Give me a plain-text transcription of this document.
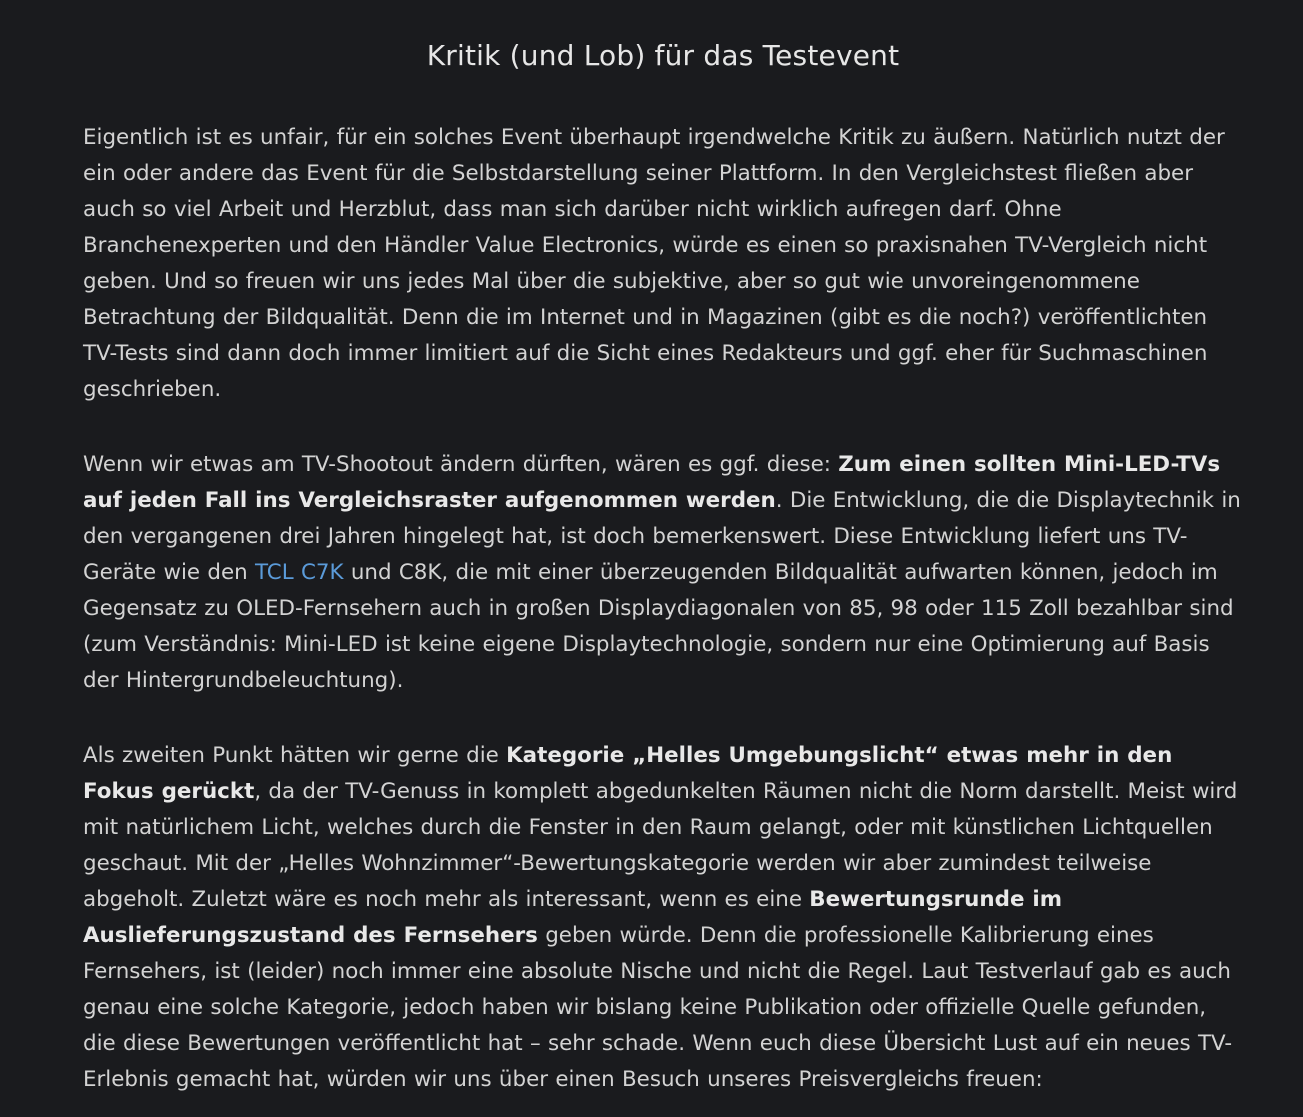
Kritik (und Lob) für das Testevent

Eigentlich ist es unfair, für ein solches Event überhaupt irgendwelche Kritik zu äußern. Natürlich nutzt der ein oder andere das Event für die Selbstdarstellung seiner Plattform. In den Vergleichstest fließen aber auch so viel Arbeit und Herzblut, dass man sich darüber nicht wirklich aufregen darf. Ohne Branchenexperten und den Händler Value Electronics, würde es einen so praxisnahen TV-Vergleich nicht geben. Und so freuen wir uns jedes Mal über die subjektive, aber so gut wie unvoreingenommene Betrachtung der Bildqualität. Denn die im Internet und in Magazinen (gibt es die noch?) veröffentlichten TV-Tests sind dann doch immer limitiert auf die Sicht eines Redakteurs und ggf. eher für Suchmaschinen geschrieben.

Wenn wir etwas am TV-Shootout ändern dürften, wären es ggf. diese: Zum einen sollten Mini-LED-TVs auf jeden Fall ins Vergleichsraster aufgenommen werden. Die Entwicklung, die die Displaytechnik in den vergangenen drei Jahren hingelegt hat, ist doch bemerkenswert. Diese Entwicklung liefert uns TV-Geräte wie den TCL C7K und C8K, die mit einer überzeugenden Bildqualität aufwarten können, jedoch im Gegensatz zu OLED-Fernsehern auch in großen Displaydiagonalen von 85, 98 oder 115 Zoll bezahlbar sind (zum Verständnis: Mini-LED ist keine eigene Displaytechnologie, sondern nur eine Optimierung auf Basis der Hintergrundbeleuchtung).

Als zweiten Punkt hätten wir gerne die Kategorie „Helles Umgebungslicht“ etwas mehr in den Fokus gerückt, da der TV-Genuss in komplett abgedunkelten Räumen nicht die Norm darstellt. Meist wird mit natürlichem Licht, welches durch die Fenster in den Raum gelangt, oder mit künstlichen Lichtquellen geschaut. Mit der „Helles Wohnzimmer“-Bewertungskategorie werden wir aber zumindest teilweise abgeholt. Zuletzt wäre es noch mehr als interessant, wenn es eine Bewertungsrunde im Auslieferungszustand des Fernsehers geben würde. Denn die professionelle Kalibrierung eines Fernsehers, ist (leider) noch immer eine absolute Nische und nicht die Regel. Laut Testverlauf gab es auch genau eine solche Kategorie, jedoch haben wir bislang keine Publikation oder offizielle Quelle gefunden, die diese Bewertungen veröffentlicht hat – sehr schade. Wenn euch diese Übersicht Lust auf ein neues TV-Erlebnis gemacht hat, würden wir uns über einen Besuch unseres Preisvergleichs freuen:
